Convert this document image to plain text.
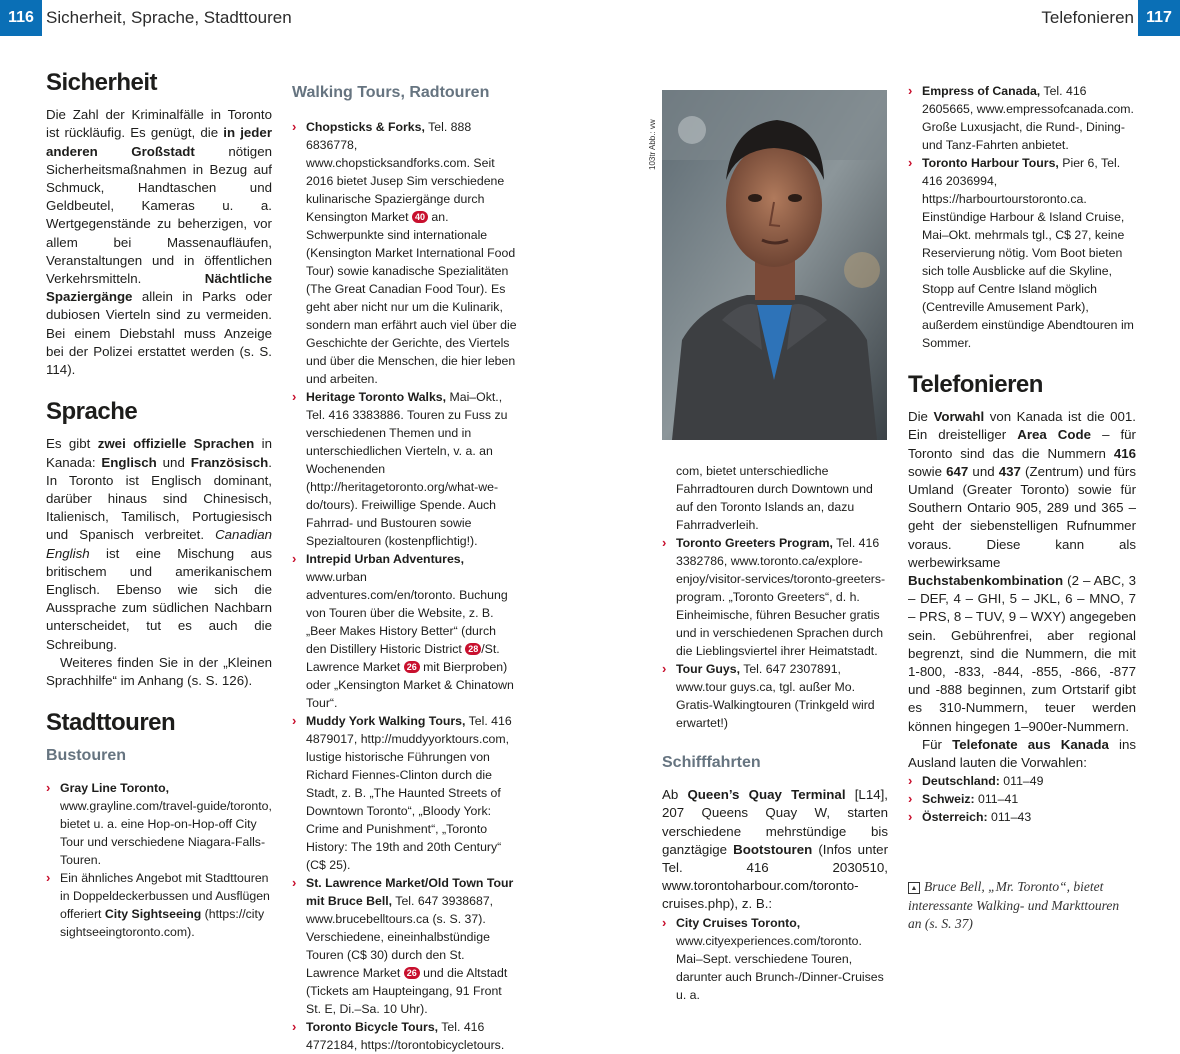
116 Sicherheit, Sprache, Stadttouren	Telefonieren 117
Sicherheit

Die Zahl der Kriminalfälle in Toronto ist rückläufig. Es genügt, die in jeder anderen Großstadt nötigen Sicherheitsmaßnahmen in Bezug auf Schmuck, Handtaschen und Geldbeutel, Kameras u. a. Wertgegenstände zu beherzigen, vor allem bei Massenaufläufen, Veranstaltungen und in öffentlichen Verkehrsmitteln. Nächtliche Spaziergänge allein in Parks oder dubiosen Vierteln sind zu vermeiden. Bei einem Diebstahl muss Anzeige bei der Polizei erstattet werden (s. S. 114).

Sprache

Es gibt zwei offizielle Sprachen in Kanada: Englisch und Französisch. In Toronto ist Englisch dominant, darüber hinaus sind Chinesisch, Italienisch, Tamilisch, Portugiesisch und Spanisch verbreitet. Canadian English ist eine Mischung aus britischem und amerikanischem Englisch. Ebenso wie sich die Aussprache zum südlichen Nachbarn unterscheidet, tut es auch die Schreibung.

Weiteres finden Sie in der „Kleinen Sprachhilfe“ im Anhang (s. S. 126).

Stadttouren
Bustouren
› Gray Line Toronto, www.grayline.com/travel-guide/toronto, bietet u. a. eine Hop-on-Hop-off City Tour und verschiedene Niagara-Falls-Touren.
› Ein ähnliches Angebot mit Stadttouren in Doppeldeckerbussen und Ausflügen offeriert City Sightseeing (https://city sightseeingtoronto.com).
Walking Tours, Radtouren
› Chopsticks & Forks, Tel. 888 6836778, www.chopsticksandforks.com. Seit 2016 bietet Jusep Sim verschiedene kulinarische Spaziergänge durch Kensington Market 40 an. Schwerpunkte sind internationale (Kensington Market International Food Tour) sowie kanadische Spezialitäten (The Great Canadian Food Tour). Es geht aber nicht nur um die Kulinarik, sondern man erfährt auch viel über die Geschichte der Gerichte, des Viertels und über die Menschen, die hier leben und arbeiten.
› Heritage Toronto Walks, Mai–Okt., Tel. 416 3383886. Touren zu Fuss zu verschiedenen Themen und in unterschiedlichen Vierteln, v. a. an Wochenenden (http://heritagetoronto.org/what-we-do/tours). Freiwillige Spende. Auch Fahrrad- und Bustouren sowie Spezialtouren (kostenpflichtig!).
› Intrepid Urban Adventures, www.urban adventures.com/en/toronto. Buchung von Touren über die Website, z. B. „Beer Makes History Better“ (durch den Distillery Historic District 28 /St. Lawrence Market 26 mit Bierproben) oder „Kensington Market & Chinatown Tour“.
› Muddy York Walking Tours, Tel. 416 4879017, http://muddyyorktours.com, lustige historische Führungen von Richard Fiennes-Clinton durch die Stadt, z. B. „The Haunted Streets of Downtown Toronto“, „Bloody York: Crime and Punishment“, „Toronto History: The 19th and 20th Century“ (C$ 25).
› St. Lawrence Market/Old Town Tour mit Bruce Bell, Tel. 647 3938687, www.brucebelltours.ca (s. S. 37). Verschiedene, eineinhalbstündige Touren (C$ 30) durch den St. Lawrence Market 26 und die Altstadt (Tickets am Haupteingang, 91 Front St. E, Di.–Sa. 10 Uhr).
› Toronto Bicycle Tours, Tel. 416 4772184, https://torontobicycletours.
103tr Abb.: vw
com, bietet unterschiedliche Fahrradtouren durch Downtown und auf den Toronto Islands an, dazu Fahrradverleih.
› Toronto Greeters Program, Tel. 416 3382786, www.toronto.ca/explore-enjoy/visitor-services/toronto-greeters-program. „Toronto Greeters“, d. h. Einheimische, führen Besucher gratis und in verschiedenen Sprachen durch die Lieblingsviertel ihrer Heimatstadt.
› Tour Guys, Tel. 647 2307891, www.tour guys.ca, tgl. außer Mo. Gratis-Walkingtouren (Trinkgeld wird erwartet!)
Schifffahrten

Ab Queen’s Quay Terminal [L14], 207 Queens Quay W, starten verschiedene mehrstündige bis ganztägige Bootstouren (Infos unter Tel. 416 2030510, www.torontoharbour.com/toronto-cruises.php), z. B.:

› City Cruises Toronto, www.cityexperiences.com/toronto. Mai–Sept. verschiedene Touren, darunter auch Brunch-/Dinner-Cruises u. a.
› Empress of Canada, Tel. 416 2605665, www.empressofcanada.com. Große Luxusjacht, die Rund-, Dining- und Tanz-Fahrten anbietet.
› Toronto Harbour Tours, Pier 6, Tel. 416 2036994, https://harbourtourstoronto.ca. Einstündige Harbour & Island Cruise, Mai–Okt. mehrmals tgl., C$ 27, keine Reservierung nötig. Vom Boot bieten sich tolle Ausblicke auf die Skyline, Stopp auf Centre Island möglich (Centreville Amusement Park), außerdem einstündige Abendtouren im Sommer.
Telefonieren

Die Vorwahl von Kanada ist die 001. Ein dreistelliger Area Code – für Toronto sind das die Nummern 416 sowie 647 und 437 (Zentrum) und fürs Umland (Greater Toronto) sowie für Southern Ontario 905, 289 und 365 – geht der siebenstelligen Rufnummer voraus. Diese kann als werbewirksame Buchstabenkombination (2 – ABC, 3 – DEF, 4 – GHI, 5 – JKL, 6 – MNO, 7 – PRS, 8 – TUV, 9 – WXY) angegeben sein. Gebührenfrei, aber regional begrenzt, sind die Nummern, die mit 1-800, -833, -844, -855, -866, -877 und -888 beginnen, zum Ortstarif gibt es 310-Nummern, teuer werden können hingegen 1–900er-Nummern.

Für Telefonate aus Kanada ins Ausland lauten die Vorwahlen:

› Deutschland: 011–49
› Schweiz: 011–41
› Österreich: 011–43
▲ Bruce Bell, „Mr. Toronto“, bietet interessante Walking- und Markttouren an (s. S. 37)
